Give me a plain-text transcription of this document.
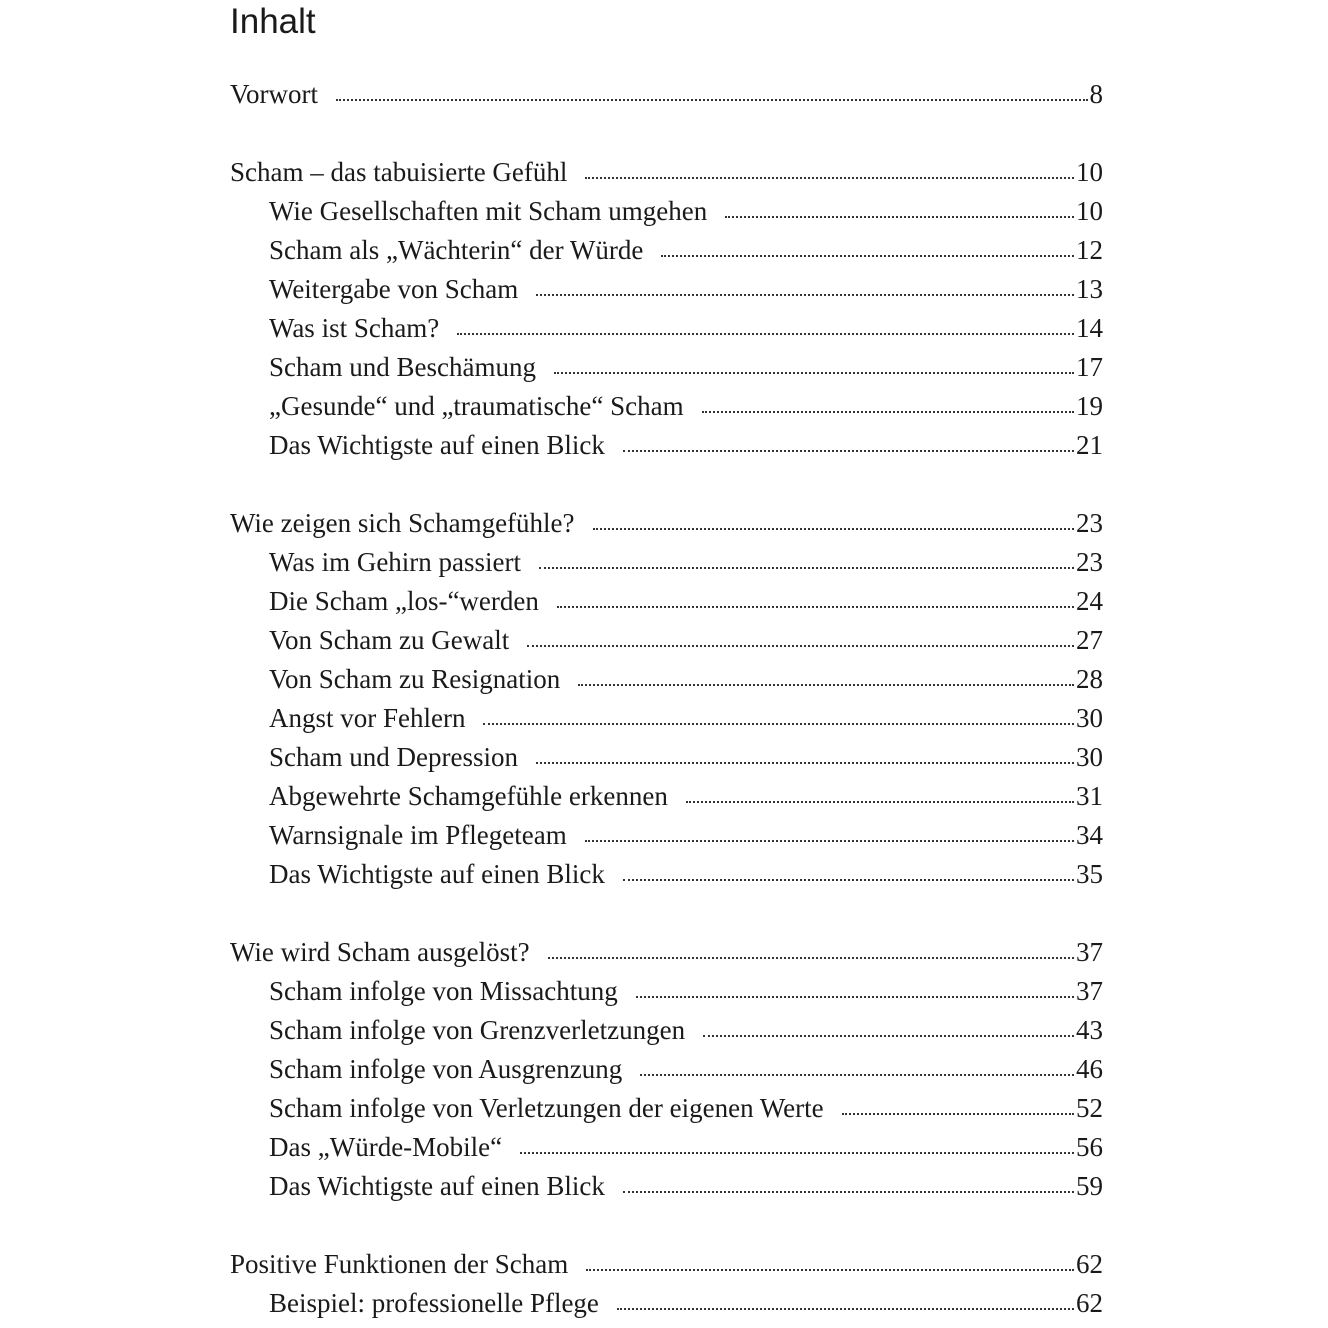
Inhalt
Vorwort	8
Scham – das tabuisierte Gefühl	10
Wie Gesellschaften mit Scham umgehen	10
Scham als „Wächterin“ der Würde	12
Weitergabe von Scham	13
Was ist Scham?	14
Scham und Beschämung	17
„Gesunde“ und „traumatische“ Scham	19
Das Wichtigste auf einen Blick	21
Wie zeigen sich Schamgefühle?	23
Was im Gehirn passiert	23
Die Scham „los-“werden	24
Von Scham zu Gewalt	27
Von Scham zu Resignation	28
Angst vor Fehlern	30
Scham und Depression	30
Abgewehrte Schamgefühle erkennen	31
Warnsignale im Pflegeteam	34
Das Wichtigste auf einen Blick	35
Wie wird Scham ausgelöst?	37
Scham infolge von Missachtung	37
Scham infolge von Grenzverletzungen	43
Scham infolge von Ausgrenzung	46
Scham infolge von Verletzungen der eigenen Werte	52
Das „Würde-Mobile“	56
Das Wichtigste auf einen Blick	59
Positive Funktionen der Scham	62
Beispiel: professionelle Pflege	62
